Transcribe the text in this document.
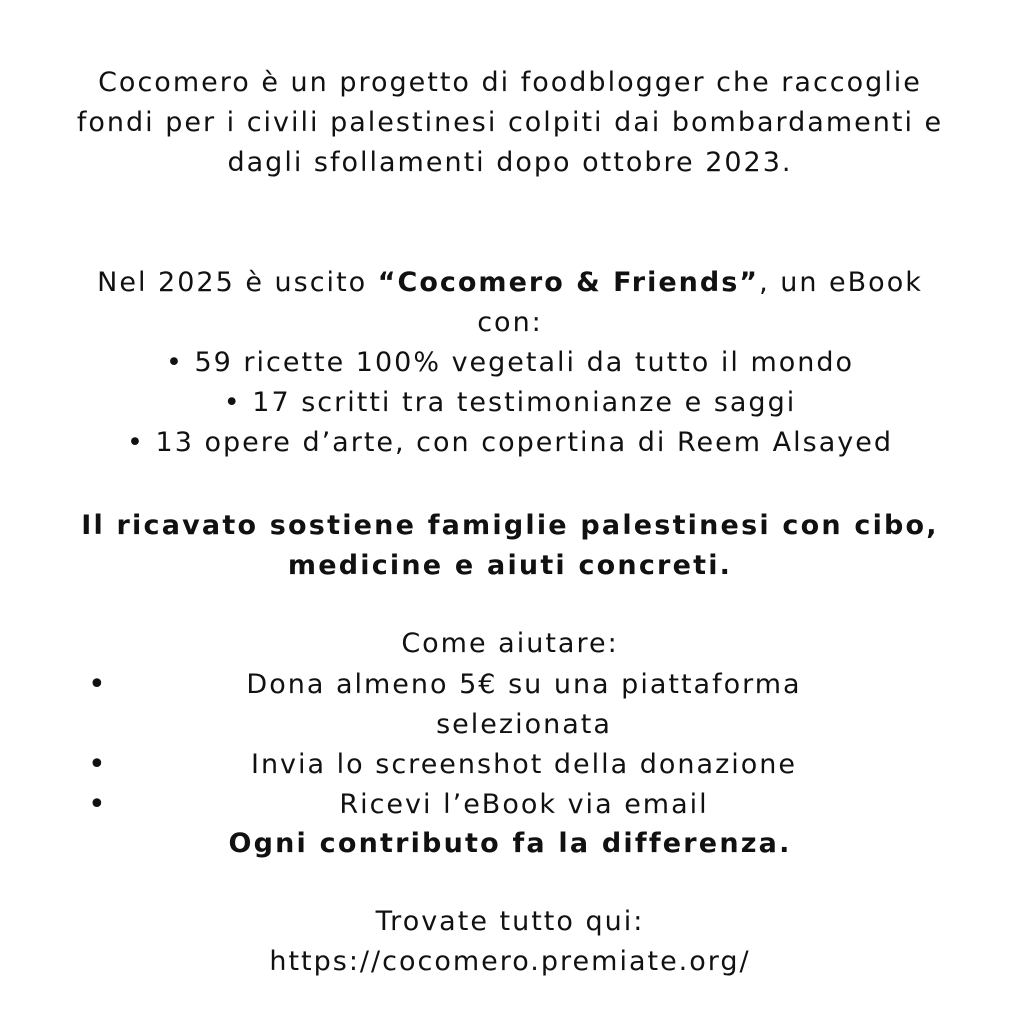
Cocomero è un progetto di foodblogger che raccoglie fondi per i civili palestinesi colpiti dai bombardamenti e dagli sfollamenti dopo ottobre 2023.

Nel 2025 è uscito “Cocomero & Friends”, un eBook con:
• 59 ricette 100% vegetali da tutto il mondo
• 17 scritti tra testimonianze e saggi
• 13 opere d’arte, con copertina di Reem Alsayed

Il ricavato sostiene famiglie palestinesi con cibo, medicine e aiuti concreti.

Come aiutare:
•	Dona almeno 5€ su una piattaforma selezionata
•	Invia lo screenshot della donazione
•	Ricevi l’eBook via email
Ogni contributo fa la differenza.
Trovate tutto qui:
https://cocomero.premiate.org/
